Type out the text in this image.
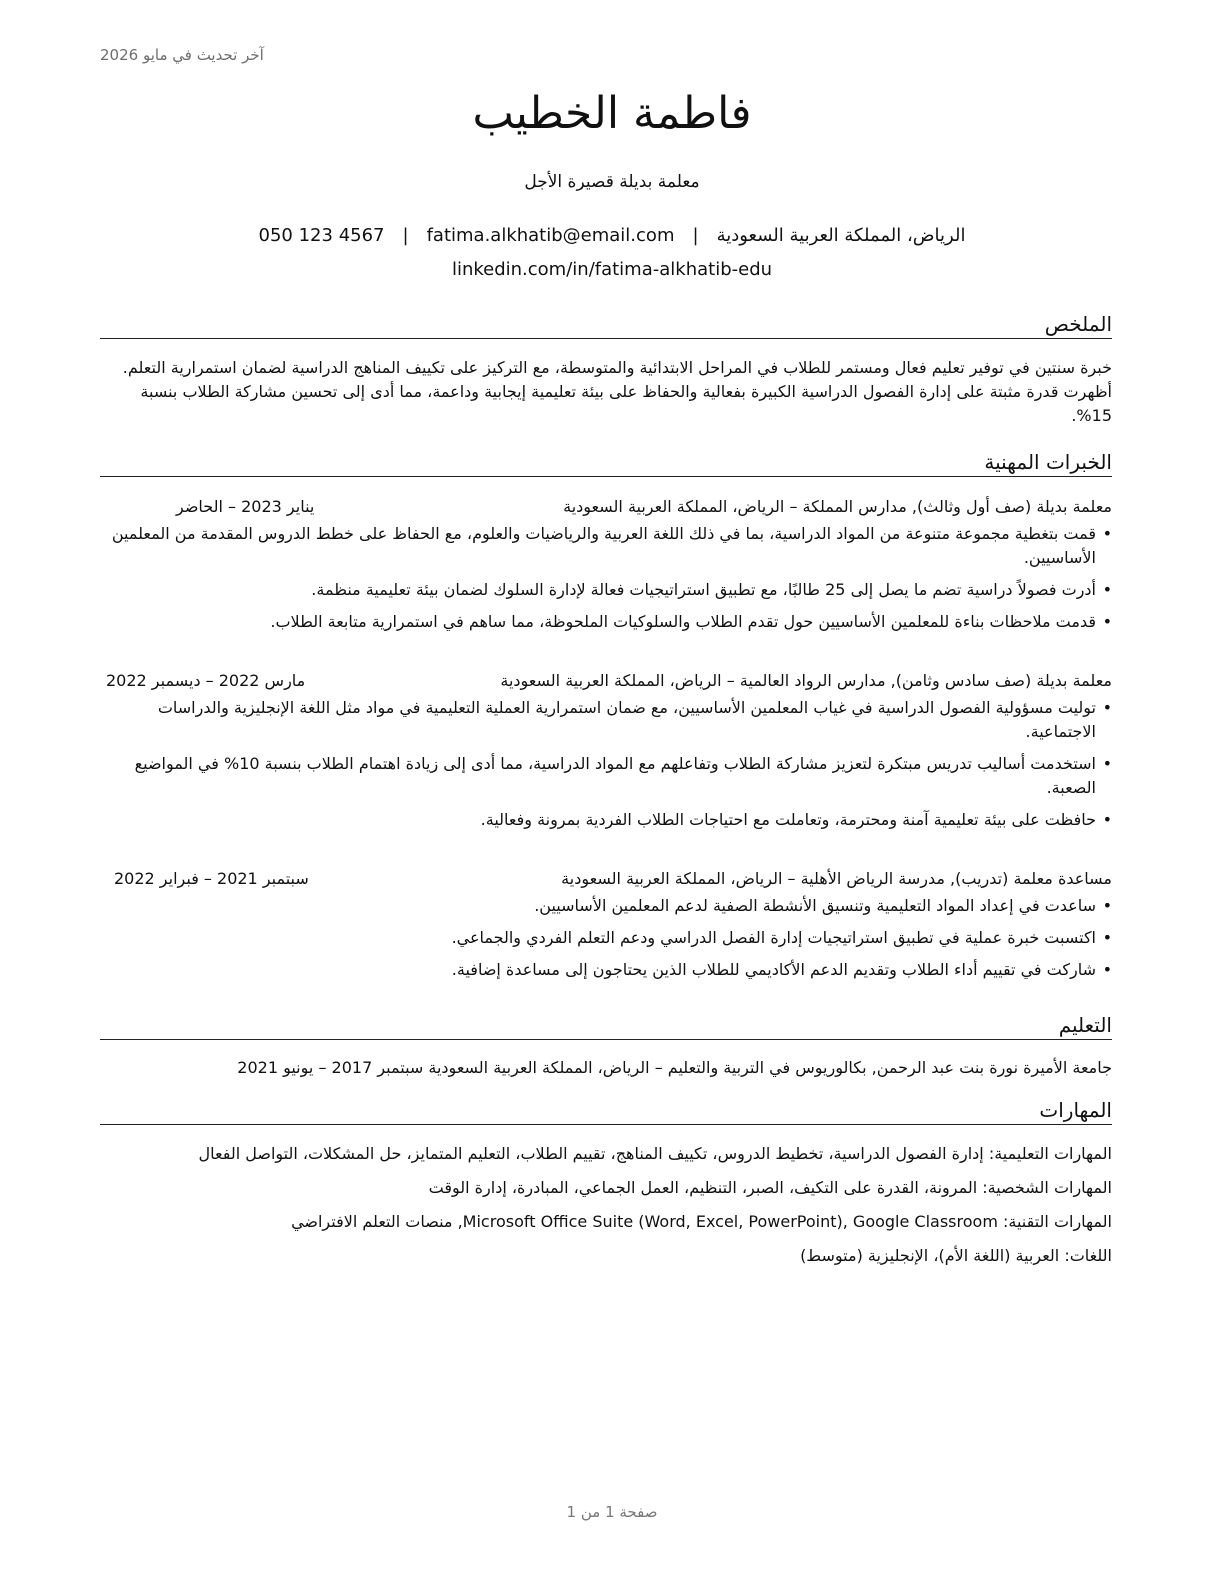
آخر تحديث في مايو 2026
فاطمة الخطيب
معلمة بديلة قصيرة الأجل
الرياض، المملكة العربية السعودية|fatima.alkhatib@email.com|050 123 4567
linkedin.com/in/fatima-alkhatib-edu
الملخص
خبرة سنتين في توفير تعليم فعال ومستمر للطلاب في المراحل الابتدائية والمتوسطة، مع التركيز على تكييف المناهج الدراسية لضمان استمرارية التعلم. أظهرت قدرة مثبتة على إدارة الفصول الدراسية الكبيرة بفعالية والحفاظ على بيئة تعليمية إيجابية وداعمة، مما أدى إلى تحسين مشاركة الطلاب بنسبة 15%.
الخبرات المهنية
معلمة بديلة (صف أول وثالث), مدارس المملكة – الرياض، المملكة العربية السعودية
يناير 2023 – الحاضر
• قمت بتغطية مجموعة متنوعة من المواد الدراسية، بما في ذلك اللغة العربية والرياضيات والعلوم، مع الحفاظ على خطط الدروس المقدمة من المعلمين الأساسيين.
• أدرت فصولاً دراسية تضم ما يصل إلى 25 طالبًا، مع تطبيق استراتيجيات فعالة لإدارة السلوك لضمان بيئة تعليمية منظمة.
• قدمت ملاحظات بناءة للمعلمين الأساسيين حول تقدم الطلاب والسلوكيات الملحوظة، مما ساهم في استمرارية متابعة الطلاب.
معلمة بديلة (صف سادس وثامن), مدارس الرواد العالمية – الرياض، المملكة العربية السعودية
مارس 2022 – ديسمبر 2022
• توليت مسؤولية الفصول الدراسية في غياب المعلمين الأساسيين، مع ضمان استمرارية العملية التعليمية في مواد مثل اللغة الإنجليزية والدراسات الاجتماعية.
• استخدمت أساليب تدريس مبتكرة لتعزيز مشاركة الطلاب وتفاعلهم مع المواد الدراسية، مما أدى إلى زيادة اهتمام الطلاب بنسبة 10% في المواضيع الصعبة.
• حافظت على بيئة تعليمية آمنة ومحترمة، وتعاملت مع احتياجات الطلاب الفردية بمرونة وفعالية.
مساعدة معلمة (تدريب), مدرسة الرياض الأهلية – الرياض، المملكة العربية السعودية
سبتمبر 2021 – فبراير 2022
• ساعدت في إعداد المواد التعليمية وتنسيق الأنشطة الصفية لدعم المعلمين الأساسيين.
• اكتسبت خبرة عملية في تطبيق استراتيجيات إدارة الفصل الدراسي ودعم التعلم الفردي والجماعي.
• شاركت في تقييم أداء الطلاب وتقديم الدعم الأكاديمي للطلاب الذين يحتاجون إلى مساعدة إضافية.
التعليم
جامعة الأميرة نورة بنت عبد الرحمن, بكالوريوس في التربية والتعليم – الرياض، المملكة العربية السعودية سبتمبر 2017 – يونيو 2021
المهارات
المهارات التعليمية: إدارة الفصول الدراسية، تخطيط الدروس، تكييف المناهج، تقييم الطلاب، التعليم المتمايز، حل المشكلات، التواصل الفعال
المهارات الشخصية: المرونة، القدرة على التكيف، الصبر، التنظيم، العمل الجماعي، المبادرة، إدارة الوقت
المهارات التقنية: Microsoft Office Suite (Word, Excel, PowerPoint), Google Classroom, منصات التعلم الافتراضي
اللغات: العربية (اللغة الأم)، الإنجليزية (متوسط)
صفحة 1 من 1
